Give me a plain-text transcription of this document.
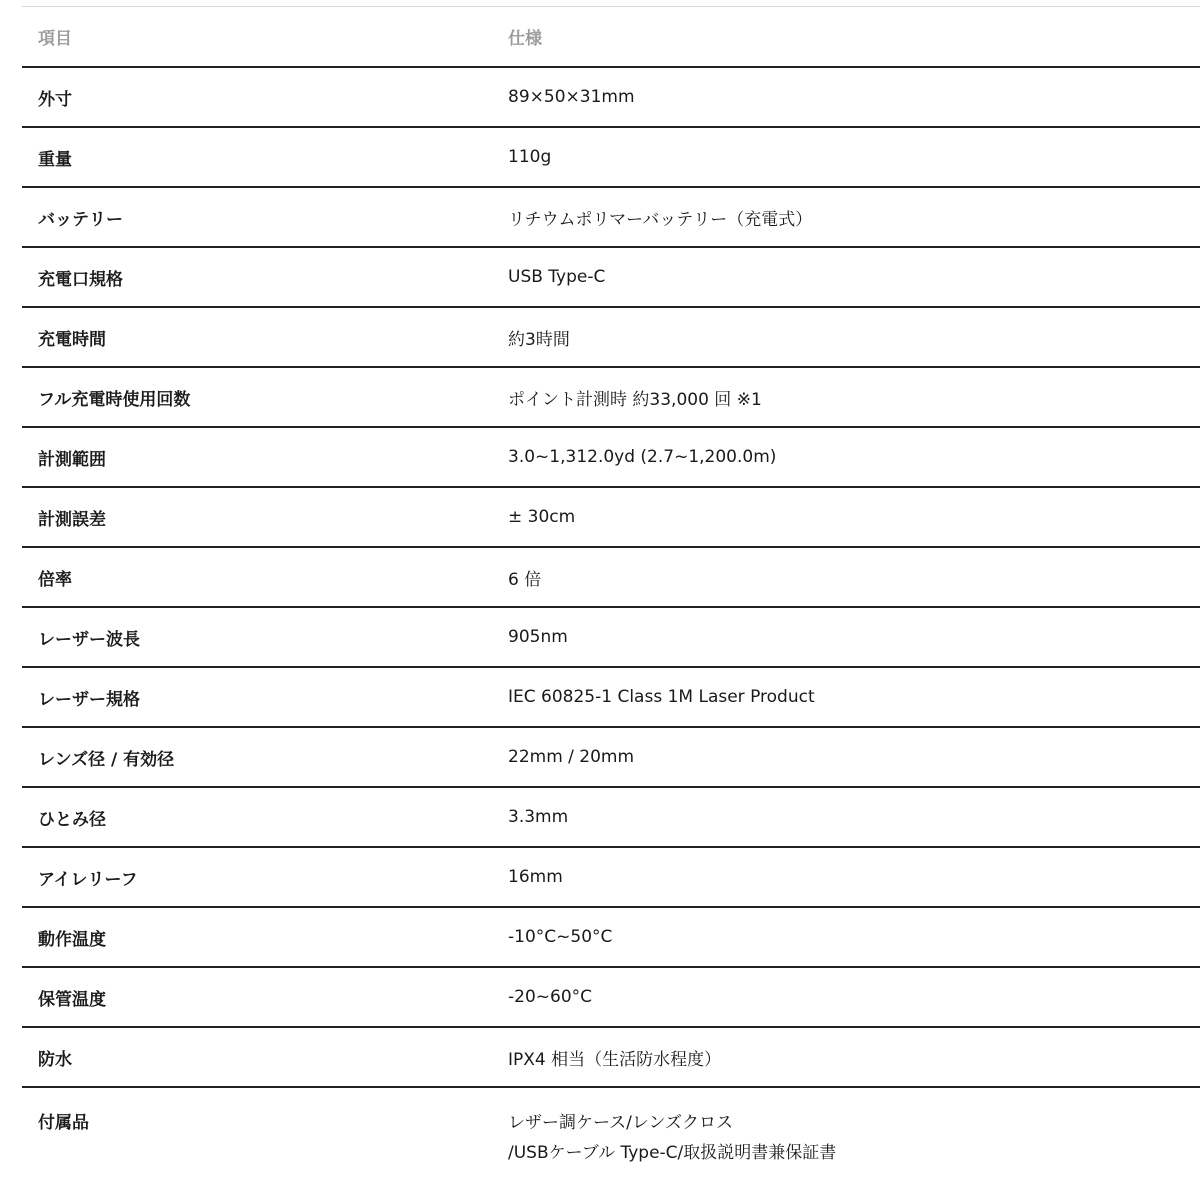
項目	仕様
外寸	89×50×31mm
重量	110g
バッテリー	リチウムポリマーバッテリー（充電式）
充電口規格	USB Type-C
充電時間	約3時間
フル充電時使用回数	ポイント計測時 約33,000 回 ※1
計測範囲	3.0~1,312.0yd (2.7~1,200.0m)
計測誤差	± 30cm
倍率	6 倍
レーザー波長	905nm
レーザー規格	IEC 60825-1 Class 1M Laser Product
レンズ径 / 有効径	22mm / 20mm
ひとみ径	3.3mm
アイレリーフ	16mm
動作温度	-10°C~50°C
保管温度	-20~60°C
防水	IPX4 相当（生活防水程度）
付属品	レザー調ケース/レンズクロス
/USBケーブル Type-C/取扱説明書兼保証書
